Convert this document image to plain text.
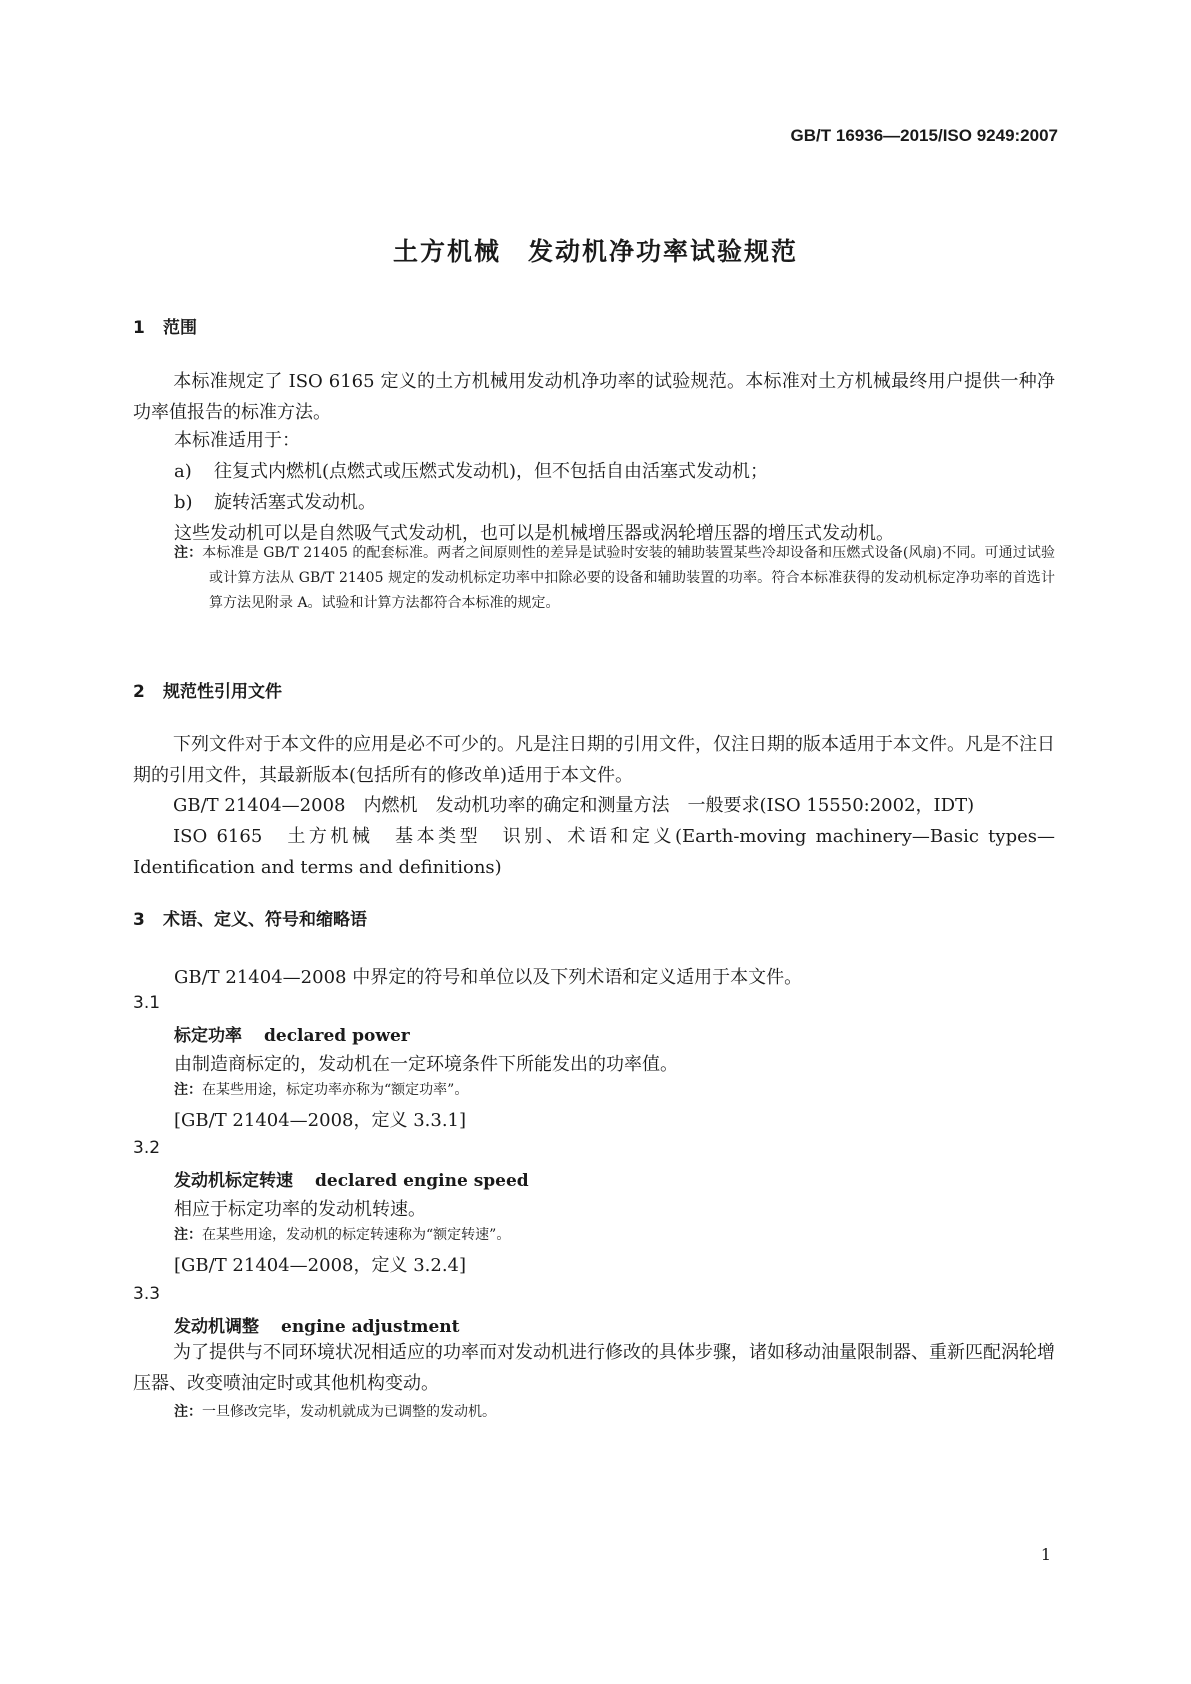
GB/T 16936—2015/ISO 9249:2007
土方机械　发动机净功率试验规范
1 范围
本标准规定了 ISO 6165 定义的土方机械用发动机净功率的试验规范。本标准对土方机械最终用户提供一种净功率值报告的标准方法。
本标准适用于：
a) 往复式内燃机(点燃式或压燃式发动机)，但不包括自由活塞式发动机；
b) 旋转活塞式发动机。
这些发动机可以是自然吸气式发动机，也可以是机械增压器或涡轮增压器的增压式发动机。
注：本标准是 GB/T 21405 的配套标准。两者之间原则性的差异是试验时安装的辅助装置某些冷却设备和压燃式设备(风扇)不同。可通过试验或计算方法从 GB/T 21405 规定的发动机标定功率中扣除必要的设备和辅助装置的功率。符合本标准获得的发动机标定净功率的首选计算方法见附录 A。试验和计算方法都符合本标准的规定。
2 规范性引用文件
下列文件对于本文件的应用是必不可少的。凡是注日期的引用文件，仅注日期的版本适用于本文件。凡是不注日期的引用文件，其最新版本(包括所有的修改单)适用于本文件。
GB/T 21404—2008　内燃机　发动机功率的确定和测量方法　一般要求(ISO 15550:2002，IDT)
ISO 6165　土方机械　基本类型　识别、术语和定义(Earth-moving machinery—Basic types—Identification and terms and definitions)
3 术语、定义、符号和缩略语
GB/T 21404—2008 中界定的符号和单位以及下列术语和定义适用于本文件。
3.1
标定功率 declared power
由制造商标定的，发动机在一定环境条件下所能发出的功率值。
注：在某些用途，标定功率亦称为“额定功率”。
[GB/T 21404—2008，定义 3.3.1]
3.2
发动机标定转速 declared engine speed
相应于标定功率的发动机转速。
注：在某些用途，发动机的标定转速称为“额定转速”。
[GB/T 21404—2008，定义 3.2.4]
3.3
发动机调整 engine adjustment
为了提供与不同环境状况相适应的功率而对发动机进行修改的具体步骤，诸如移动油量限制器、重新匹配涡轮增压器、改变喷油定时或其他机构变动。
注：一旦修改完毕，发动机就成为已调整的发动机。
1
